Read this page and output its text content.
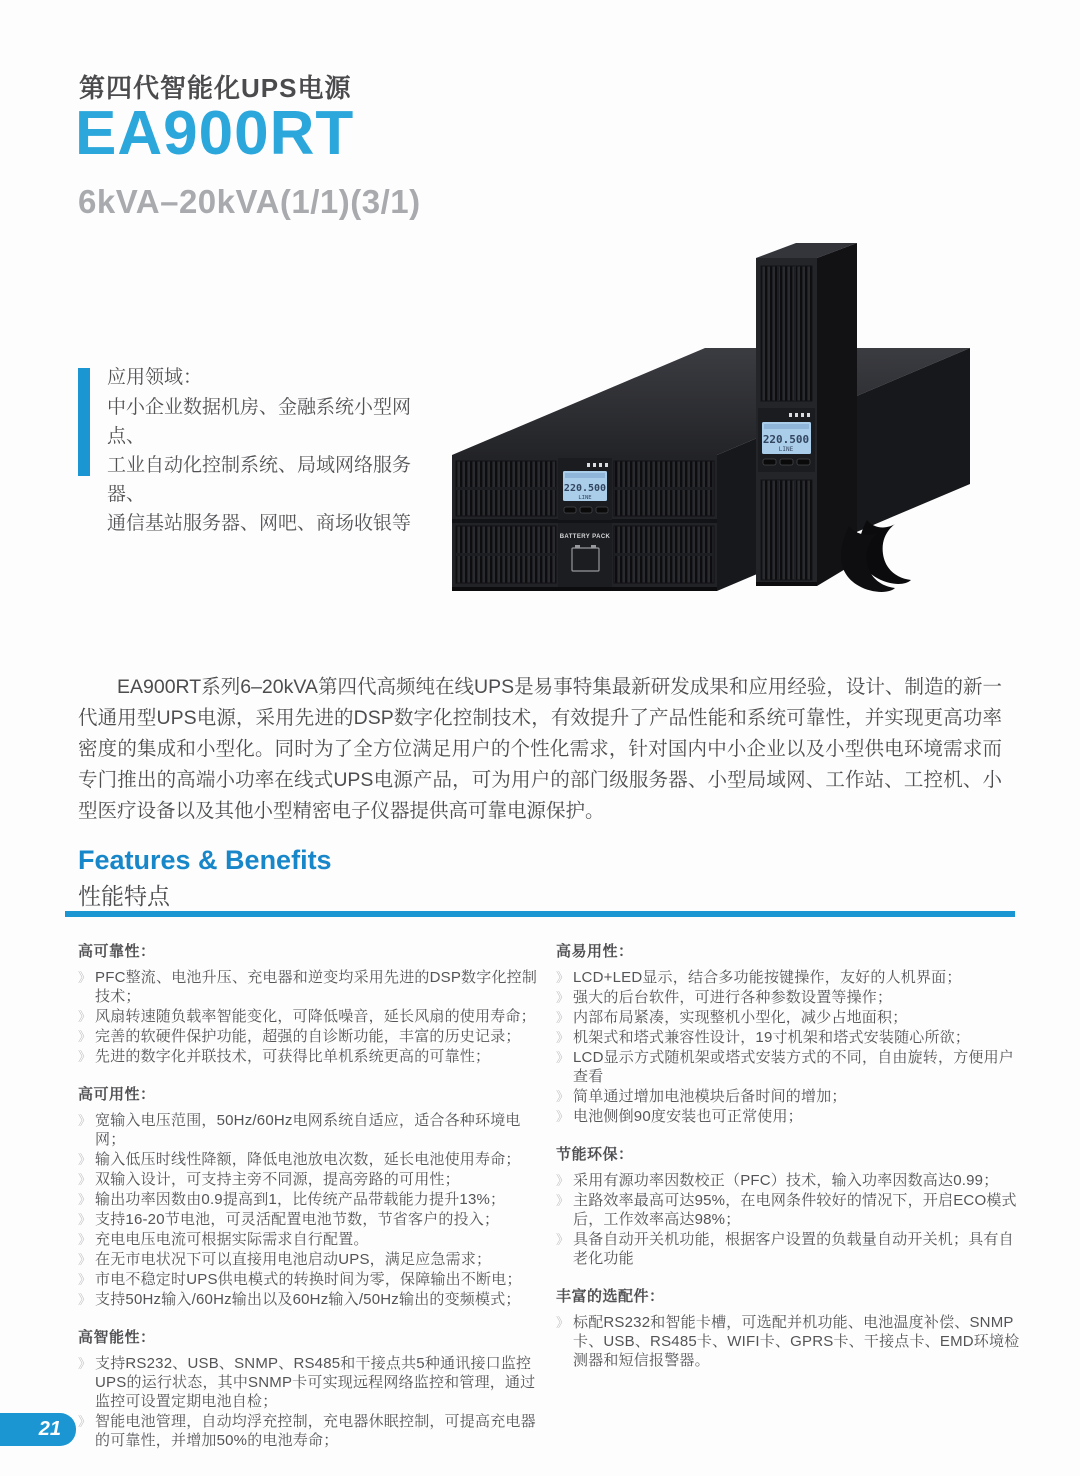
第四代智能化UPS电源
EA900RT
6kVA–20kVA(1/1)(3/1)
应用领域：
中小企业数据机房、金融系统小型网点、
工业自动化控制系统、局域网络服务器、
通信基站服务器、网吧、商场收银等
220.500
LINE
BATTERY PACK
220.500
LINE

EA900RT系列6–20kVA第四代高频纯在线UPS是易事特集最新研发成果和应用经验，设计、制造的新一代通用型UPS电源，采用先进的DSP数字化控制技术，有效提升了产品性能和系统可靠性，并实现更高功率密度的集成和小型化。同时为了全方位满足用户的个性化需求，针对国内中小企业以及小型供电环境需求而专门推出的高端小功率在线式UPS电源产品，可为用户的部门级服务器、小型局域网、工作站、工控机、小型医疗设备以及其他小型精密电子仪器提供高可靠电源保护。

Features & Benefits
性能特点
高可靠性：
》 PFC整流、电池升压、充电器和逆变均采用先进的DSP数字化控制技术；
》 风扇转速随负载率智能变化，可降低噪音，延长风扇的使用寿命；
》 完善的软硬件保护功能，超强的自诊断功能，丰富的历史记录；
》 先进的数字化并联技术，可获得比单机系统更高的可靠性；
高可用性：
》 宽输入电压范围，50Hz/60Hz电网系统自适应，适合各种环境电网；
》 输入低压时线性降额，降低电池放电次数，延长电池使用寿命；
》 双输入设计，可支持主旁不同源，提高旁路的可用性；
》 输出功率因数由0.9提高到1，比传统产品带载能力提升13%；
》 支持16-20节电池，可灵活配置电池节数，节省客户的投入；
》 充电电压电流可根据实际需求自行配置。
》 在无市电状况下可以直接用电池启动UPS，满足应急需求；
》 市电不稳定时UPS供电模式的转换时间为零，保障输出不断电；
》 支持50Hz输入/60Hz输出以及60Hz输入/50Hz输出的变频模式；
高智能性：
》 支持RS232、USB、SNMP、RS485和干接点共5种通讯接口监控UPS的运行状态，其中SNMP卡可实现远程网络监控和管理，通过监控可设置定期电池自检；
》 智能电池管理，自动均浮充控制，充电器休眠控制，可提高充电器的可靠性，并增加50%的电池寿命；
高易用性：
》 LCD+LED显示，结合多功能按键操作，友好的人机界面；
》 强大的后台软件，可进行各种参数设置等操作；
》 内部布局紧凑，实现整机小型化，减少占地面积；
》 机架式和塔式兼容性设计，19寸机架和塔式安装随心所欲；
》 LCD显示方式随机架或塔式安装方式的不同，自由旋转，方便用户查看
》 简单通过增加电池模块后备时间的增加；
》 电池侧倒90度安装也可正常使用；
节能环保：
》 采用有源功率因数校正（PFC）技术，输入功率因数高达0.99；
》 主路效率最高可达95%，在电网条件较好的情况下，开启ECO模式后，工作效率高达98%；
》 具备自动开关机功能，根据客户设置的负载量自动开关机；具有自老化功能
丰富的选配件：
》 标配RS232和智能卡槽，可选配并机功能、电池温度补偿、SNMP卡、USB、RS485卡、WIFI卡、GPRS卡、干接点卡、EMD环境检测器和短信报警器。
21
